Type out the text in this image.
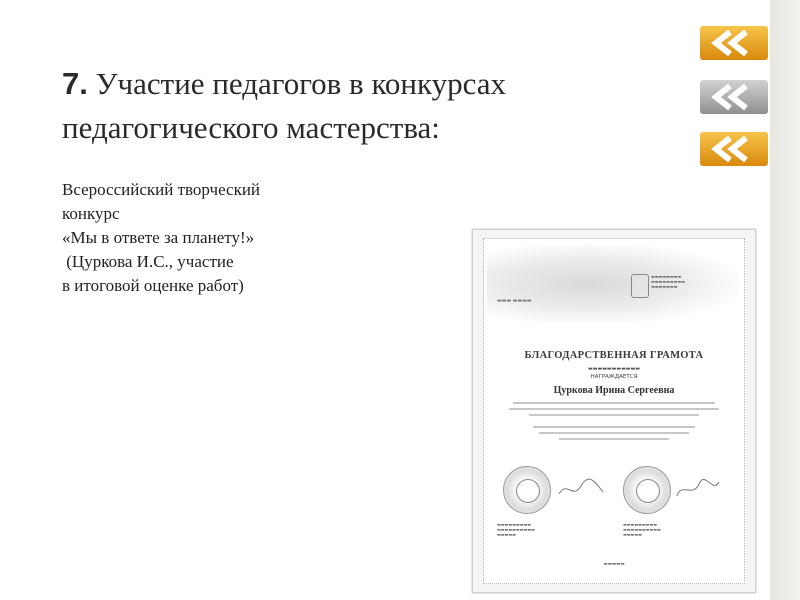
7. Участие педагогов в конкурсах педагогического мастерства:
Всероссийский творческий
конкурс
«Мы в ответе за планету!»
(Цуркова И.С., участие
в итоговой оценке работ)
▬▬▬ ▬▬▬▬
▬▬▬▬▬▬▬▬
▬▬▬▬▬▬▬▬▬
▬▬▬▬▬▬▬
БЛАГОДАРСТВЕННАЯ ГРАМОТА
▬▬▬▬▬▬▬▬▬▬▬
НАГРАЖДАЕТСЯ
Цуркова Ирина Сергеевна
▬▬▬▬▬▬▬▬▬
▬▬▬▬▬▬▬▬▬▬
▬▬▬▬▬
▬▬▬▬▬▬▬▬▬
▬▬▬▬▬▬▬▬▬▬
▬▬▬▬▬
▬▬▬▬▬
